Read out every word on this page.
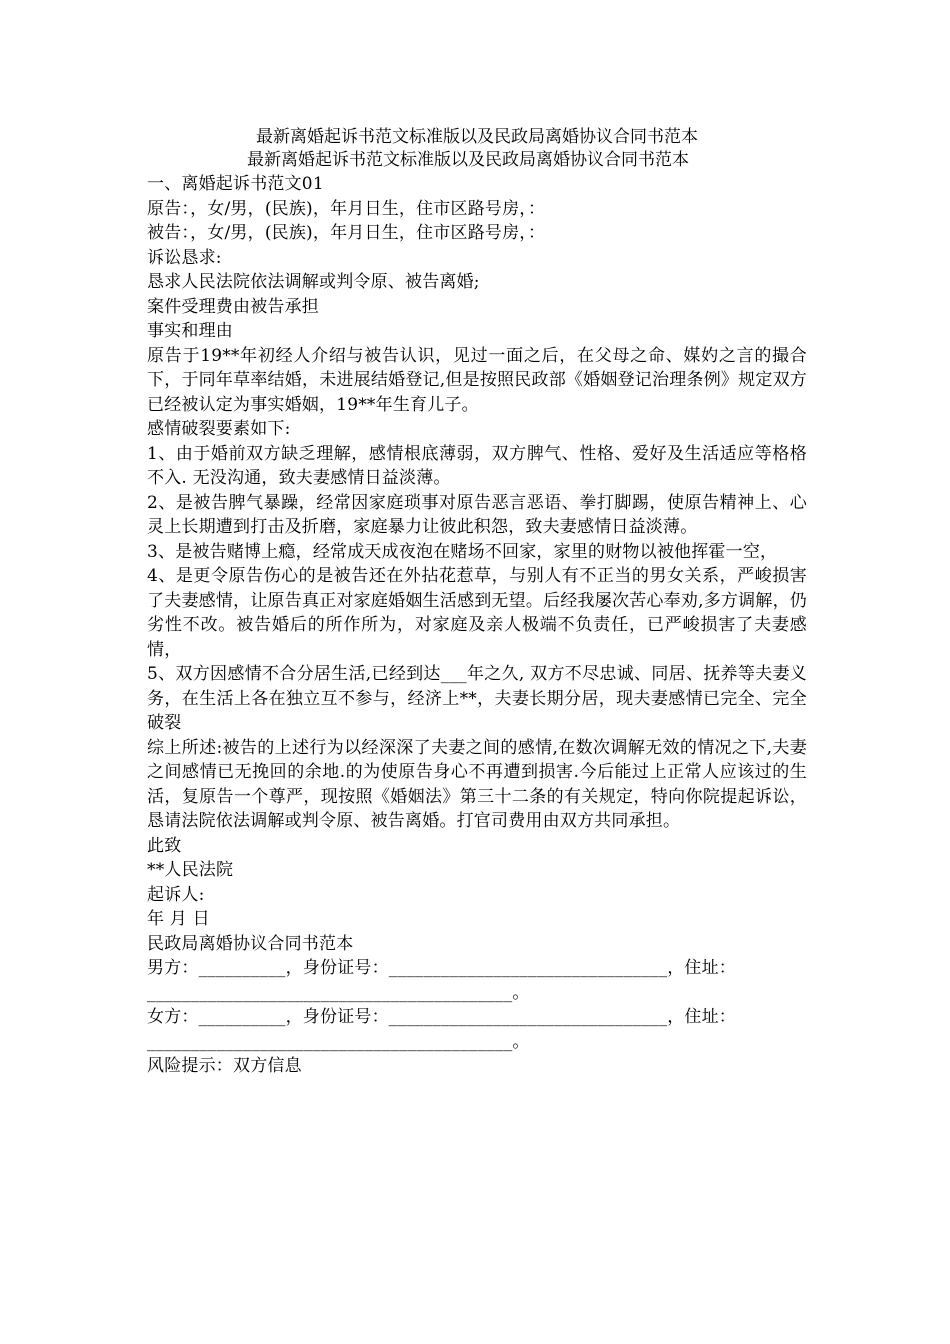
最新离婚起诉书范文标准版以及民政局离婚协议合同书范本
最新离婚起诉书范文标准版以及民政局离婚协议合同书范本

一、离婚起诉书范文01

原告：，女/男，(民族)，年月日生，住市区路号房，：

被告：，女/男，(民族)，年月日生，住市区路号房，：

诉讼恳求:

恳求人民法院依法调解或判令原、被告离婚;

案件受理费由被告承担

事实和理由

原告于19**年初经人介绍与被告认识，见过一面之后，在父母之命、媒妁之言的撮合下，于同年草率结婚，未进展结婚登记,但是按照民政部《婚姻登记治理条例》规定双方已经被认定为事实婚姻，19**年生育儿子。

感情破裂要素如下:

1、由于婚前双方缺乏理解，感情根底薄弱，双方脾气、性格、爱好及生活适应等格格不入. 无没沟通，致夫妻感情日益淡薄。

2、是被告脾气暴躁，经常因家庭琐事对原告恶言恶语、拳打脚踢，使原告精神上、心灵上长期遭到打击及折磨，家庭暴力让彼此积怨，致夫妻感情日益淡薄。

3、是被告赌博上瘾，经常成天成夜泡在赌场不回家，家里的财物以被他挥霍一空，

4、是更令原告伤心的是被告还在外拈花惹草，与别人有不正当的男女关系，严峻损害了夫妻感情，让原告真正对家庭婚姻生活感到无望。后经我屡次苦心奉劝,多方调解，仍劣性不改。被告婚后的所作所为，对家庭及亲人极端不负责任，已严峻损害了夫妻感情，

5、双方因感情不合分居生活,已经到达___年之久, 双方不尽忠诚、同居、抚养等夫妻义务，在生活上各在独立互不参与，经济上**，夫妻长期分居，现夫妻感情已完全、完全破裂

综上所述:被告的上述行为以经深深了夫妻之间的感情,在数次调解无效的情况之下,夫妻之间感情已无挽回的余地.的为使原告身心不再遭到损害.今后能过上正常人应该过的生活，复原告一个尊严，现按照《婚姻法》第三十二条的有关规定，特向你院提起诉讼，恳请法院依法调解或判令原、被告离婚。打官司费用由双方共同承担。

此致

**人民法院

起诉人:

年 月 日

民政局离婚协议合同书范本

男方：__________，身份证号：________________________________，住址：

__________________________________________。

女方：__________，身份证号：________________________________，住址：

__________________________________________。

风险提示：双方信息
